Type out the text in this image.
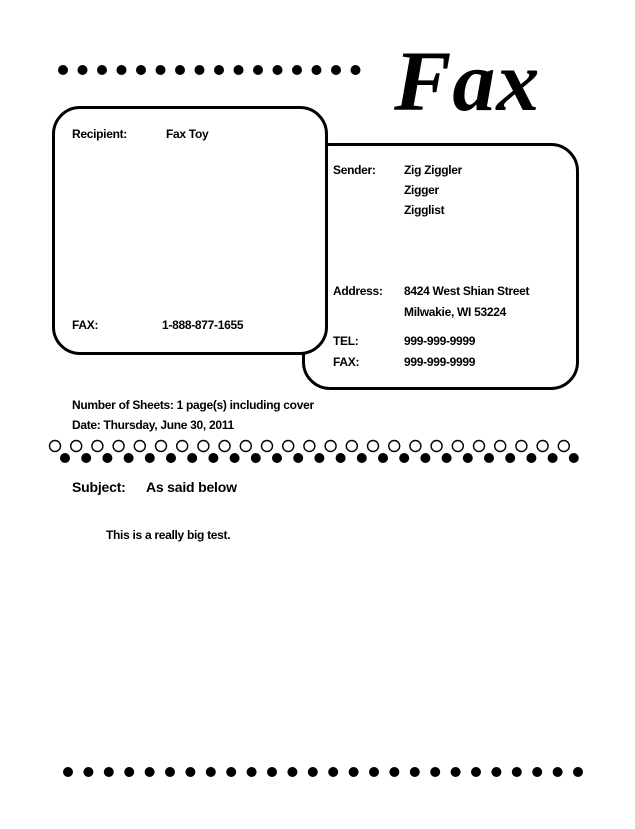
Fax
Recipient:	Fax Toy
FAX:	1-888-877-1655
Sender: Zig Ziggler
Zigger
Zigglist
Address: 8424 West Shian Street
Milwakie, WI 53224
TEL:	999-999-9999
FAX:	999-999-9999
Number of Sheets: 1 page(s) including cover
Date: Thursday, June 30, 2011
Subject: As said below
This is a really big test.
